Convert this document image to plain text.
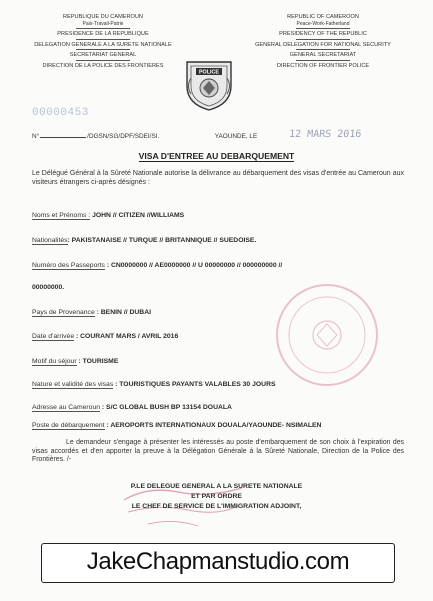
REPUBLIQUE DU CAMEROUN
Paix-Travail-Patrie
PRESIDENCE DE LA REPUBLIQUE
DELEGATION GENERALE A LA SURETE NATIONALE
SECRETARIAT GENERAL
DIRECTION DE LA POLICE DES FRONTIERES
REPUBLIC OF CAMEROON
Peace-Work-Fatherland
PRESIDENCY OF THE REPUBLIC
GENERAL DELEGATION FOR NATIONAL SECURITY
GENERAL SECRETARIAT
DIRECTION OF FRONTIER POLICE
POLICE
00000453
N°	/DGSN/SG/DPF/SDEI/SI.	YAOUNDE, LE	12 MARS 2016
VISA D'ENTREE AU DEBARQUEMENT
Le Délégué Général à la Sûreté Nationale autorise la délivrance au débarquement des visas d'entrée au Cameroun aux visiteurs étrangers ci-après désignés :
Noms et Prénoms : JOHN // CITIZEN //WILLIAMS
Nationalités: PAKISTANAISE // TURQUE // BRITANNIQUE // SUEDOISE.
Numéro des Passeports : CN0000000 // AE0000000 // U 00000000 // 000000000 //
00000000.
Pays de Provenance : BENIN // DUBAI
Date d'arrivée : COURANT MARS / AVRIL 2016
Motif du séjour : TOURISME
Nature et validité des visas : TOURISTIQUES PAYANTS VALABLES 30 JOURS
Adresse au Cameroun : S/C GLOBAL BUSH BP 13154 DOUALA
Poste de débarquement : AEROPORTS INTERNATIONAUX DOUALA/YAOUNDE- NSIMALEN
Le demandeur s'engage à présenter les intéressés au poste d'embarquement de son choix à l'expiration des visas accordés et d'en apporter la preuve à la Délégation Générale à la Sûreté Nationale, Direction de la Police des Frontières. /-
P.LE DELEGUE GENERAL A LA SURETE NATIONALE
ET PAR ORDRE
LE CHEF DE SERVICE DE L'IMMIGRATION ADJOINT,
JakeChapmanstudio.com
